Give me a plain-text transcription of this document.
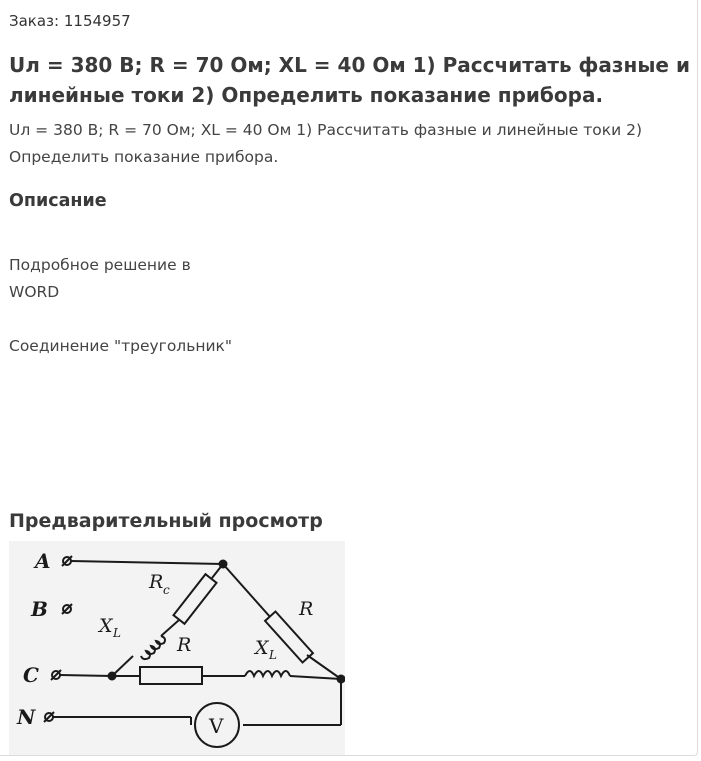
Заказ: 1154957
Uл = 380 В; R = 70 Ом; XL = 40 Ом 1) Рассчитать фазные и линейные токи 2) Определить показание прибора.
Uл = 380 В; R = 70 Ом; XL = 40 Ом 1) Рассчитать фазные и линейные токи 2) Определить показание прибора.
Описание
Подробное решение в
WORD

Соединение "треугольник"
Предварительный просмотр
A
B
C
N	V
R c
R
X L
R	X L
